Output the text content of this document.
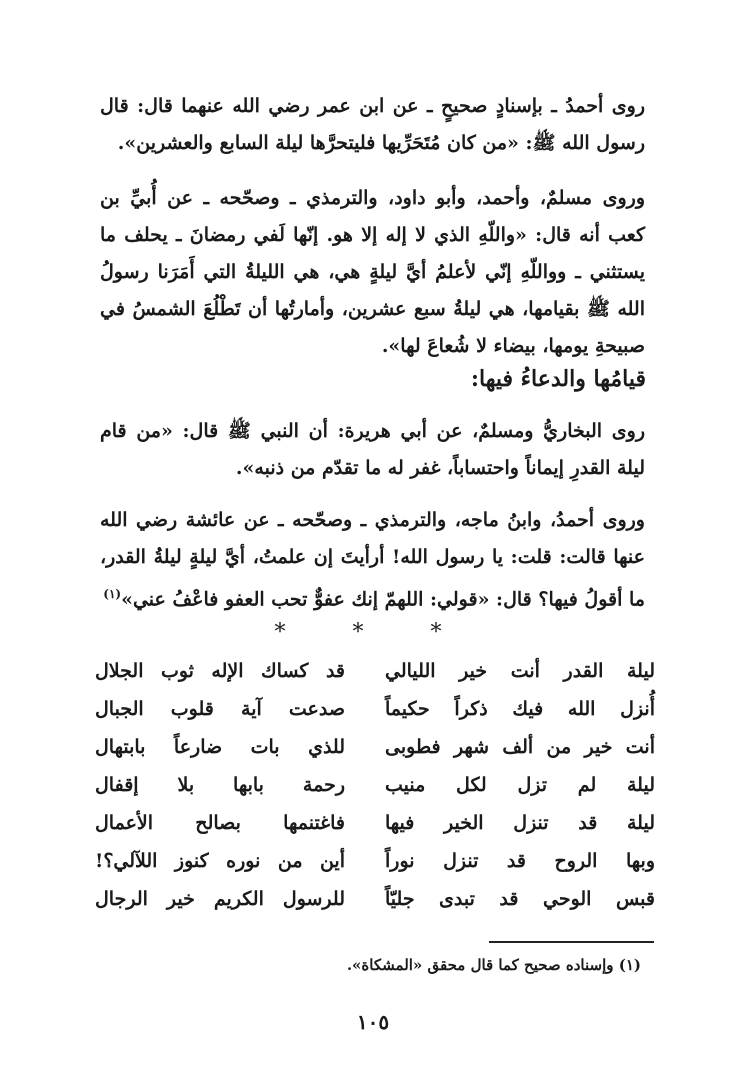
روى أحمدُ ـ بإسنادٍ صحيحٍ ـ عن ابن عمر رضي الله عنهما قال: قال رسول الله ﷺ: «من كان مُتَحَرِّيها فليتحرَّها ليلة السابع والعشرين».

وروى مسلمٌ، وأحمد، وأبو داود، والترمذي ـ وصحّحه ـ عن أُبيِّ بن كعب أنه قال: «واللّهِ الذي لا إله إلا هو. إنّها لَفي رمضانَ ـ يحلف ما يستثني ـ وواللّهِ إنّي لأعلمُ أيَّ ليلةٍ هي، هي الليلةُ التي أَمَرَنا رسولُ الله ﷺ بقيامها، هي ليلةُ سبع عشرين، وأمارتُها أن تَطْلُعَ الشمسُ في صبيحةِ يومها، بيضاء لا شُعاعَ لها».

قيامُها والدعاءُ فيها:

روى البخاريُّ ومسلمٌ، عن أبي هريرة: أن النبي ﷺ قال: «من قام ليلة القدرِ إيماناً واحتساباً، غفر له ما تقدّم من ذنبه».

وروى أحمدُ، وابنُ ماجه، والترمذي ـ وصحّحه ـ عن عائشة رضي الله عنها قالت: قلت: يا رسول الله! أرأيتَ إن علمتُ، أيَّ ليلةٍ ليلةُ القدر، ما أقولُ فيها؟ قال: «قولي: اللهمّ إنك عفوٌّ تحب العفو فاعْفُ عني»$^{(١)}$

* * *
ليلة القدر أنت خير الليالي
قد كساك الإله ثوب الجلال
أُنزل الله فيك ذكراً حكيماً
صدعت آية قلوب الجبال
أنت خير من ألف شهر فطوبى
للذي بات ضارعاً بابتهال
ليلة لم تزل لكل منيب
رحمة بابها بلا إقفال
ليلة قد تنزل الخير فيها
فاغتنمها بصالح الأعمال
وبها الروح قد تنزل نوراً
أين من نوره كنوز اللآلي؟!
قبس الوحي قد تبدى جليّاً
للرسول الكريم خير الرجال
(١) وإسناده صحيح كما قال محقق «المشكاة».
١٠٥
